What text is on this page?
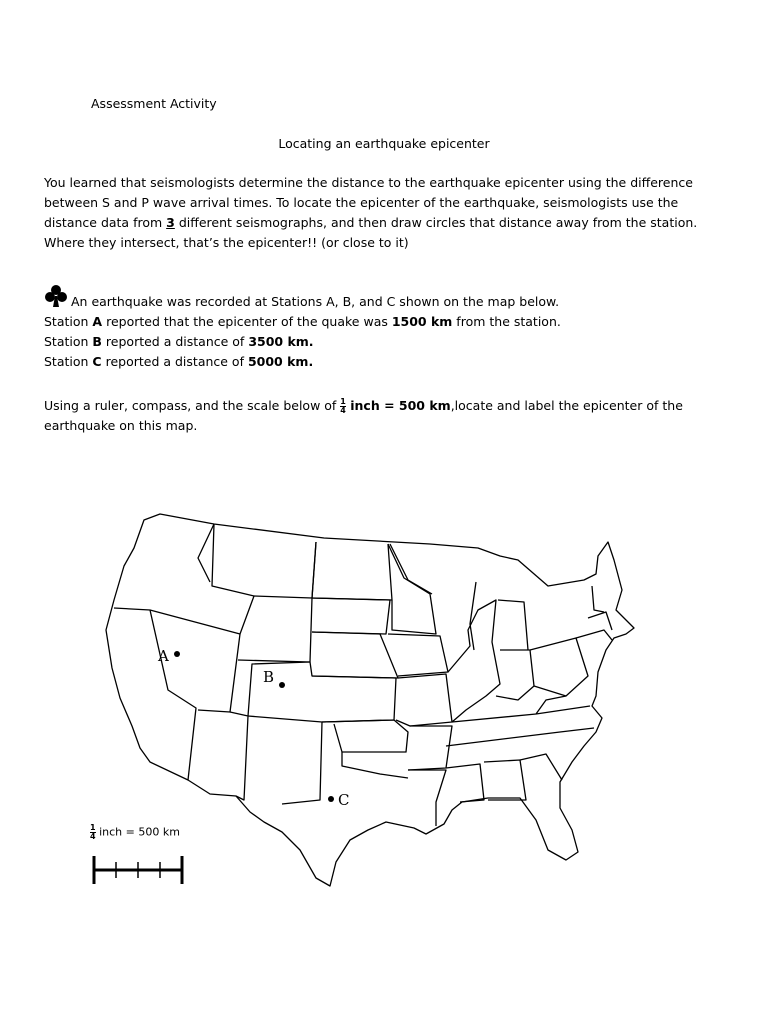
Assessment Activity
Locating an earthquake epicenter

You learned that seismologists determine the distance to the earthquake epicenter using the difference between S and P wave arrival times. To locate the epicenter of the earthquake, seismologists use the distance data from 3 different seismographs, and then draw circles that distance away from the station. Where they intersect, that’s the epicenter!! (or close to it)

An earthquake was recorded at Stations A, B, and C shown on the map below.
Station A reported that the epicenter of the quake was 1500 km from the station.
Station B reported a distance of 3500 km.
Station C reported a distance of 5000 km.
Using a ruler, compass, and the scale below of $\frac{1}{4}$ inch = 500 km,locate and label the epicenter of the earthquake on this map.
A
B
C
$\frac{1}{4}$ inch = 500 km
